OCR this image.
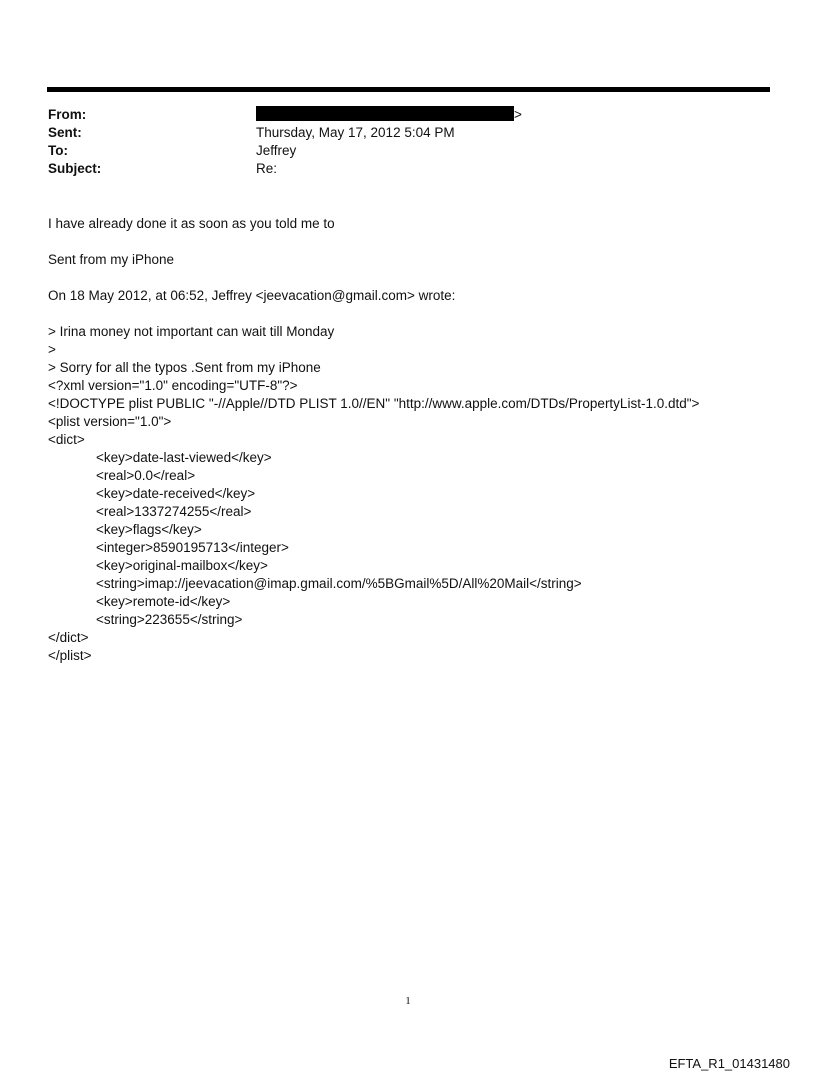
From:	>
Sent:	Thursday, May 17, 2012 5:04 PM
To:	Jeffrey
Subject:	Re:
I have already done it as soon as you told me to
Sent from my iPhone
On 18 May 2012, at 06:52, Jeffrey <jeevacation@gmail.com> wrote:
> Irina money not important can wait till Monday
>
> Sorry for all the typos .Sent from my iPhone
<?xml version="1.0" encoding="UTF-8"?>
<!DOCTYPE plist PUBLIC "-//Apple//DTD PLIST 1.0//EN" "http://www.apple.com/DTDs/PropertyList-1.0.dtd">
<plist version="1.0">
<dict>
<key>date-last-viewed</key>
<real>0.0</real>
<key>date-received</key>
<real>1337274255</real>
<key>flags</key>
<integer>8590195713</integer>
<key>original-mailbox</key>
<string>imap://jeevacation@imap.gmail.com/%5BGmail%5D/All%20Mail</string>
<key>remote-id</key>
<string>223655</string>
</dict>
</plist>
1
EFTA_R1_01431480
